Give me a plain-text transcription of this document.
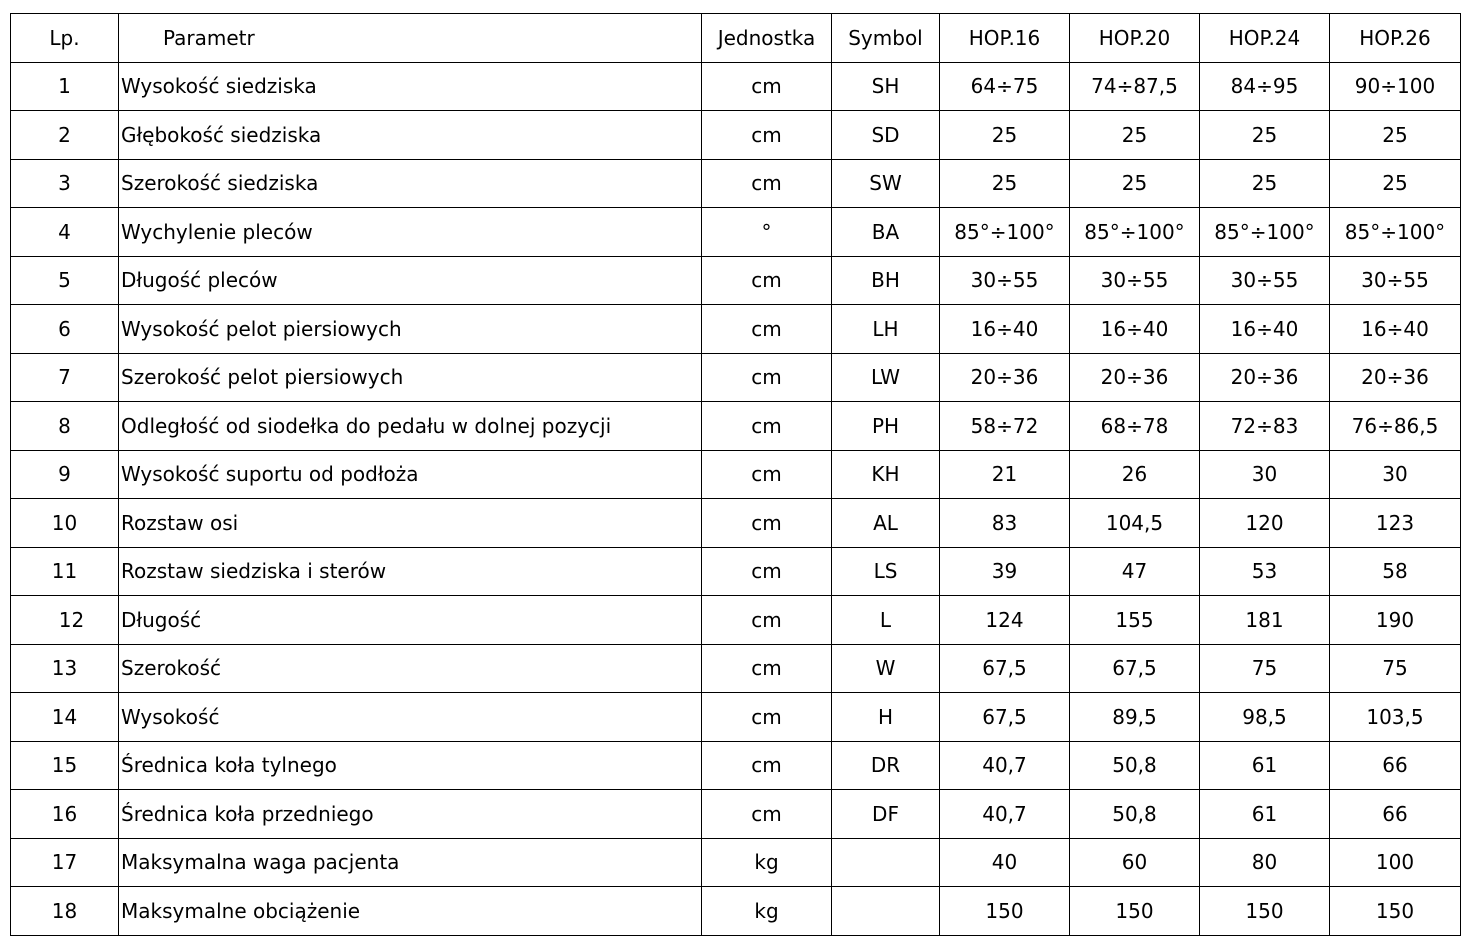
Lp.	Parametr	Jednostka	Symbol	HOP.16	HOP.20	HOP.24	HOP.26
1	Wysokość siedziska	cm	SH	64÷75	74÷87,5	84÷95	90÷100
2	Głębokość siedziska	cm	SD	25	25	25	25
3	Szerokość siedziska	cm	SW	25	25	25	25
4	Wychylenie pleców	°	BA	85°÷100°	85°÷100°	85°÷100°	85°÷100°
5	Długość pleców	cm	BH	30÷55	30÷55	30÷55	30÷55
6	Wysokość pelot piersiowych	cm	LH	16÷40	16÷40	16÷40	16÷40
7	Szerokość pelot piersiowych	cm	LW	20÷36	20÷36	20÷36	20÷36
8	Odległość od siodełka do pedału w dolnej pozycji	cm	PH	58÷72	68÷78	72÷83	76÷86,5
9	Wysokość suportu od podłoża	cm	KH	21	26	30	30
10	Rozstaw osi	cm	AL	83	104,5	120	123
11	Rozstaw siedziska i sterów	cm	LS	39	47	53	58
12	Długość	cm	L	124	155	181	190
13	Szerokość	cm	W	67,5	67,5	75	75
14	Wysokość	cm	H	67,5	89,5	98,5	103,5
15	Średnica koła tylnego	cm	DR	40,7	50,8	61	66
16	Średnica koła przedniego	cm	DF	40,7	50,8	61	66
17	Maksymalna waga pacjenta	kg		40	60	80	100
18	Maksymalne obciążenie	kg		150	150	150	150
